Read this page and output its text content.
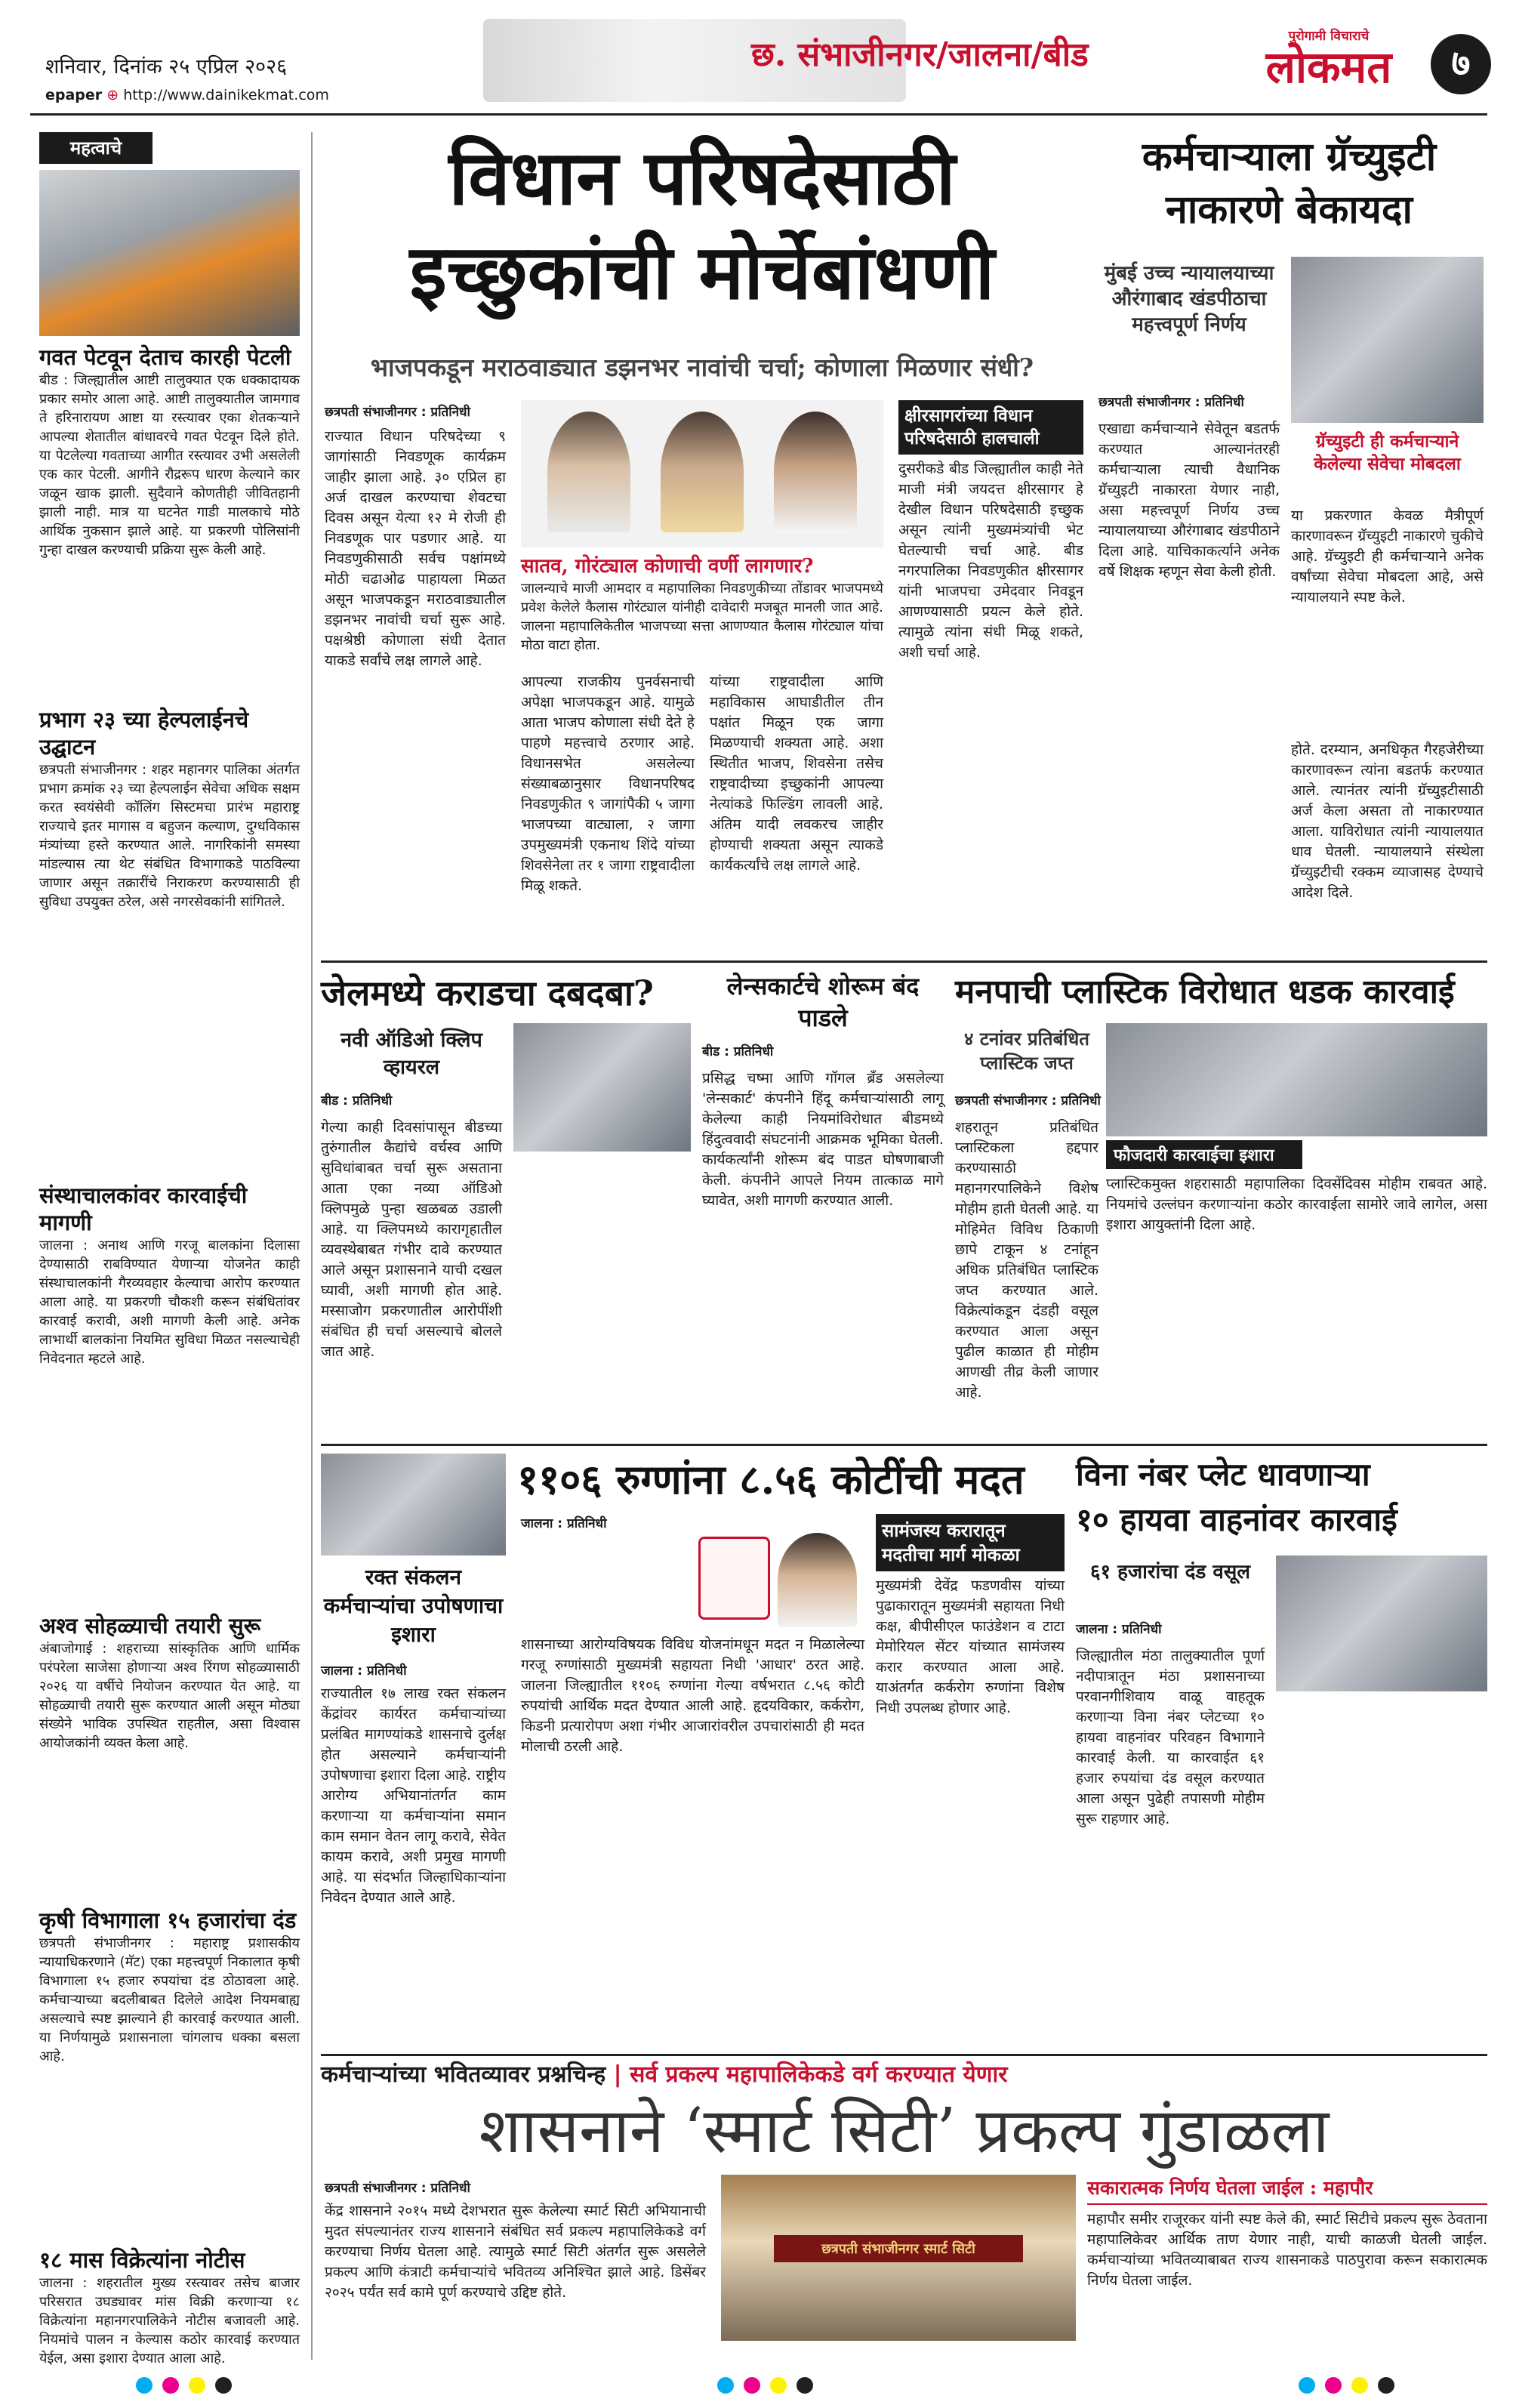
शनिवार, दिनांक २५ एप्रिल २०२६
epaper ⊕ http://www.dainikekmat.com
छ. संभाजीनगर/जालना/बीड	पुरोगामी विचाराचे
लोकमत	७
महत्वाचे
गवत पेटवून देताच कारही पेटली
बीड : जिल्ह्यातील आष्टी तालुक्यात एक धक्कादायक प्रकार समोर आला आहे. आष्टी तालुक्यातील जामगाव ते हरिनारायण आष्टा या रस्त्यावर एका शेतकऱ्याने आपल्या शेतातील बांधावरचे गवत पेटवून दिले होते. या पेटलेल्या गवताच्या आगीत रस्त्यावर उभी असलेली एक कार पेटली. आगीने रौद्ररूप धारण केल्याने कार जळून खाक झाली. सुदैवाने कोणतीही जीवितहानी झाली नाही. मात्र या घटनेत गाडी मालकाचे मोठे आर्थिक नुकसान झाले आहे. या प्रकरणी पोलिसांनी गुन्हा दाखल करण्याची प्रक्रिया सुरू केली आहे.
प्रभाग २३ च्या हेल्पलाईनचे उद्घाटन
छत्रपती संभाजीनगर : शहर महानगर पालिका अंतर्गत प्रभाग क्रमांक २३ च्या हेल्पलाईन सेवेचा अधिक सक्षम करत स्वयंसेवी कॉलिंग सिस्टमचा प्रारंभ महाराष्ट्र राज्याचे इतर मागास व बहुजन कल्याण, दुग्धविकास मंत्र्यांच्या हस्ते करण्यात आले. नागरिकांनी समस्या मांडल्यास त्या थेट संबंधित विभागाकडे पाठविल्या जाणार असून तक्रारींचे निराकरण करण्यासाठी ही सुविधा उपयुक्त ठरेल, असे नगरसेवकांनी सांगितले.
संस्थाचालकांवर कारवाईची मागणी
जालना : अनाथ आणि गरजू बालकांना दिलासा देण्यासाठी राबविण्यात येणाऱ्या योजनेत काही संस्थाचालकांनी गैरव्यवहार केल्याचा आरोप करण्यात आला आहे. या प्रकरणी चौकशी करून संबंधितांवर कारवाई करावी, अशी मागणी केली आहे. अनेक लाभार्थी बालकांना नियमित सुविधा मिळत नसल्याचेही निवेदनात म्हटले आहे.
अश्व सोहळ्याची तयारी सुरू
अंबाजोगाई : शहराच्या सांस्कृतिक आणि धार्मिक परंपरेला साजेसा होणाऱ्या अश्व रिंगण सोहळ्यासाठी २०२६ या वर्षीचे नियोजन करण्यात येत आहे. या सोहळ्याची तयारी सुरू करण्यात आली असून मोठ्या संख्येने भाविक उपस्थित राहतील, असा विश्वास आयोजकांनी व्यक्त केला आहे.
कृषी विभागाला १५ हजारांचा दंड
छत्रपती संभाजीनगर : महाराष्ट्र प्रशासकीय न्यायाधिकरणाने (मॅट) एका महत्त्वपूर्ण निकालात कृषी विभागाला १५ हजार रुपयांचा दंड ठोठावला आहे. कर्मचाऱ्याच्या बदलीबाबत दिलेले आदेश नियमबाह्य असल्याचे स्पष्ट झाल्याने ही कारवाई करण्यात आली. या निर्णयामुळे प्रशासनाला चांगलाच धक्का बसला आहे.
१८ मास विक्रेत्यांना नोटीस
जालना : शहरातील मुख्य रस्त्यावर तसेच बाजार परिसरात उघड्यावर मांस विक्री करणाऱ्या १८ विक्रेत्यांना महानगरपालिकेने नोटीस बजावली आहे. नियमांचे पालन न केल्यास कठोर कारवाई करण्यात येईल, असा इशारा देण्यात आला आहे.
विधान परिषदेसाठी
इच्छुकांची मोर्चेबांधणी
भाजपकडून मराठवाड्यात डझनभर नावांची चर्चा; कोणाला मिळणार संधी?
छत्रपती संभाजीनगर : प्रतिनिधी
राज्यात विधान परिषदेच्या ९ जागांसाठी निवडणूक कार्यक्रम जाहीर झाला आहे. ३० एप्रिल हा अर्ज दाखल करण्याचा शेवटचा दिवस असून येत्या १२ मे रोजी ही निवडणूक पार पडणार आहे. या निवडणुकीसाठी सर्वच पक्षांमध्ये मोठी चढाओढ पाहायला मिळत असून भाजपकडून मराठवाड्यातील डझनभर नावांची चर्चा सुरू आहे. पक्षश्रेष्ठी कोणाला संधी देतात याकडे सर्वांचे लक्ष लागले आहे.
सातव, गोरंट्याल कोणाची वर्णी लागणार?
जालन्याचे माजी आमदार व महापालिका निवडणुकीच्या तोंडावर भाजपमध्ये प्रवेश केलेले कैलास गोरंट्याल यांनीही दावेदारी मजबूत मानली जात आहे. जालना महापालिकेतील भाजपच्या सत्ता आणण्यात कैलास गोरंट्याल यांचा मोठा वाटा होता.
आपल्या राजकीय पुनर्वसनाची अपेक्षा भाजपकडून आहे. यामुळे आता भाजप कोणाला संधी देते हे पाहणे महत्त्वाचे ठरणार आहे. विधानसभेत असलेल्या संख्याबळानुसार विधानपरिषद निवडणुकीत ९ जागांपैकी ५ जागा भाजपच्या वाट्याला, २ जागा उपमुख्यमंत्री एकनाथ शिंदे यांच्या शिवसेनेला तर १ जागा राष्ट्रवादीला मिळू शकते.
यांच्या राष्ट्रवादीला आणि महाविकास आघाडीतील तीन पक्षांत मिळून एक जागा मिळण्याची शक्यता आहे. अशा स्थितीत भाजप, शिवसेना तसेच राष्ट्रवादीच्या इच्छुकांनी आपल्या नेत्यांकडे फिल्डिंग लावली आहे. अंतिम यादी लवकरच जाहीर होण्याची शक्यता असून त्याकडे कार्यकर्त्यांचे लक्ष लागले आहे.
क्षीरसागरांच्या विधान परिषदेसाठी हालचाली
दुसरीकडे बीड जिल्ह्यातील काही नेते माजी मंत्री जयदत्त क्षीरसागर हे देखील विधान परिषदेसाठी इच्छुक असून त्यांनी मुख्यमंत्र्यांची भेट घेतल्याची चर्चा आहे. बीड नगरपालिका निवडणुकीत क्षीरसागर यांनी भाजपचा उमेदवार निवडून आणण्यासाठी प्रयत्न केले होते. त्यामुळे त्यांना संधी मिळू शकते, अशी चर्चा आहे.
कर्मचाऱ्याला ग्रॅच्युइटी
नाकारणे बेकायदा
मुंबई उच्च न्यायालयाच्या औरंगाबाद खंडपीठाचा महत्त्वपूर्ण निर्णय
ग्रॅच्युइटी ही कर्मचाऱ्याने केलेल्या सेवेचा मोबदला
छत्रपती संभाजीनगर : प्रतिनिधी
एखाद्या कर्मचाऱ्याने सेवेतून बडतर्फ करण्यात आल्यानंतरही कर्मचाऱ्याला त्याची वैधानिक ग्रॅच्युइटी नाकारता येणार नाही, असा महत्त्वपूर्ण निर्णय उच्च न्यायालयाच्या औरंगाबाद खंडपीठाने दिला आहे. याचिकाकर्त्याने अनेक वर्षे शिक्षक म्हणून सेवा केली होती.
या प्रकरणात केवळ मैत्रीपूर्ण कारणावरून ग्रॅच्युइटी नाकारणे चुकीचे आहे. ग्रॅच्युइटी ही कर्मचाऱ्याने अनेक वर्षांच्या सेवेचा मोबदला आहे, असे न्यायालयाने स्पष्ट केले.
होते. दरम्यान, अनधिकृत गैरहजेरीच्या कारणावरून त्यांना बडतर्फ करण्यात आले. त्यानंतर त्यांनी ग्रॅच्युइटीसाठी अर्ज केला असता तो नाकारण्यात आला. याविरोधात त्यांनी न्यायालयात धाव घेतली. न्यायालयाने संस्थेला ग्रॅच्युइटीची रक्कम व्याजासह देण्याचे आदेश दिले.
जेलमध्ये कराडचा दबदबा?
नवी ऑडिओ क्लिप व्हायरल
बीड : प्रतिनिधी
गेल्या काही दिवसांपासून बीडच्या तुरुंगातील कैद्यांचे वर्चस्व आणि सुविधांबाबत चर्चा सुरू असताना आता एका नव्या ऑडिओ क्लिपमुळे पुन्हा खळबळ उडाली आहे. या क्लिपमध्ये कारागृहातील व्यवस्थेबाबत गंभीर दावे करण्यात आले असून प्रशासनाने याची दखल घ्यावी, अशी मागणी होत आहे. मस्साजोग प्रकरणातील आरोपींशी संबंधित ही चर्चा असल्याचे बोलले जात आहे.
लेन्सकार्टचे शोरूम बंद पाडले
बीड : प्रतिनिधी
प्रसिद्ध चष्मा आणि गॉगल ब्रँड असलेल्या 'लेन्सकार्ट' कंपनीने हिंदू कर्मचाऱ्यांसाठी लागू केलेल्या काही नियमांविरोधात बीडमध्ये हिंदुत्ववादी संघटनांनी आक्रमक भूमिका घेतली. कार्यकर्त्यांनी शोरूम बंद पाडत घोषणाबाजी केली. कंपनीने आपले नियम तात्काळ मागे घ्यावेत, अशी मागणी करण्यात आली.
मनपाची प्लास्टिक विरोधात धडक कारवाई
४ टनांवर प्रतिबंधित प्लास्टिक जप्त
फौजदारी कारवाईचा इशारा
छत्रपती संभाजीनगर : प्रतिनिधी
शहरातून प्रतिबंधित प्लास्टिकला हद्दपार करण्यासाठी महानगरपालिकेने विशेष मोहीम हाती घेतली आहे. या मोहिमेत विविध ठिकाणी छापे टाकून ४ टनांहून अधिक प्रतिबंधित प्लास्टिक जप्त करण्यात आले. विक्रेत्यांकडून दंडही वसूल करण्यात आला असून पुढील काळात ही मोहीम आणखी तीव्र केली जाणार आहे.
प्लास्टिकमुक्त शहरासाठी महापालिका दिवसेंदिवस मोहीम राबवत आहे. नियमांचे उल्लंघन करणाऱ्यांना कठोर कारवाईला सामोरे जावे लागेल, असा इशारा आयुक्तांनी दिला आहे.
रक्त संकलन कर्मचाऱ्यांचा उपोषणाचा इशारा
जालना : प्रतिनिधी
राज्यातील १७ लाख रक्त संकलन केंद्रांवर कार्यरत कर्मचाऱ्यांच्या प्रलंबित मागण्यांकडे शासनाचे दुर्लक्ष होत असल्याने कर्मचाऱ्यांनी उपोषणाचा इशारा दिला आहे. राष्ट्रीय आरोग्य अभियानांतर्गत काम करणाऱ्या या कर्मचाऱ्यांना समान काम समान वेतन लागू करावे, सेवेत कायम करावे, अशी प्रमुख मागणी आहे. या संदर्भात जिल्हाधिकाऱ्यांना निवेदन देण्यात आले आहे.
११०६ रुग्णांना ८.५६ कोटींची मदत
जालना : प्रतिनिधी
शासनाच्या आरोग्यविषयक विविध योजनांमधून मदत न मिळालेल्या गरजू रुग्णांसाठी मुख्यमंत्री सहायता निधी 'आधार' ठरत आहे. जालना जिल्ह्यातील ११०६ रुग्णांना गेल्या वर्षभरात ८.५६ कोटी रुपयांची आर्थिक मदत देण्यात आली आहे. हृदयविकार, कर्करोग, किडनी प्रत्यारोपण अशा गंभीर आजारांवरील उपचारांसाठी ही मदत मोलाची ठरली आहे.
सामंजस्य करारातून मदतीचा मार्ग मोकळा
मुख्यमंत्री देवेंद्र फडणवीस यांच्या पुढाकारातून मुख्यमंत्री सहायता निधी कक्ष, बीपीसीएल फाउंडेशन व टाटा मेमोरियल सेंटर यांच्यात सामंजस्य करार करण्यात आला आहे. याअंतर्गत कर्करोग रुग्णांना विशेष निधी उपलब्ध होणार आहे.
विना नंबर प्लेट धावणाऱ्या
१० हायवा वाहनांवर कारवाई
६१ हजारांचा दंड वसूल
जालना : प्रतिनिधी
जिल्ह्यातील मंठा तालुक्यातील पूर्णा नदीपात्रातून मंठा प्रशासनाच्या परवानगीशिवाय वाळू वाहतूक करणाऱ्या विना नंबर प्लेटच्या १० हायवा वाहनांवर परिवहन विभागाने कारवाई केली. या कारवाईत ६१ हजार रुपयांचा दंड वसूल करण्यात आला असून पुढेही तपासणी मोहीम सुरू राहणार आहे.
कर्मचाऱ्यांच्या भवितव्यावर प्रश्नचिन्ह | सर्व प्रकल्प महापालिकेकडे वर्ग करण्यात येणार
शासनाने ‘स्मार्ट सिटी’ प्रकल्प गुंडाळला
छत्रपती संभाजीनगर : प्रतिनिधी
छत्रपती संभाजीनगर स्मार्ट सिटी
केंद्र शासनाने २०१५ मध्ये देशभरात सुरू केलेल्या स्मार्ट सिटी अभियानाची मुदत संपल्यानंतर राज्य शासनाने संबंधित सर्व प्रकल्प महापालिकेकडे वर्ग करण्याचा निर्णय घेतला आहे. त्यामुळे स्मार्ट सिटी अंतर्गत सुरू असलेले प्रकल्प आणि कंत्राटी कर्मचाऱ्यांचे भवितव्य अनिश्चित झाले आहे. डिसेंबर २०२५ पर्यंत सर्व कामे पूर्ण करण्याचे उद्दिष्ट होते.
सकारात्मक निर्णय घेतला जाईल : महापौर
महापौर समीर राजूरकर यांनी स्पष्ट केले की, स्मार्ट सिटीचे प्रकल्प सुरू ठेवताना महापालिकेवर आर्थिक ताण येणार नाही, याची काळजी घेतली जाईल. कर्मचाऱ्यांच्या भवितव्याबाबत राज्य शासनाकडे पाठपुरावा करून सकारात्मक निर्णय घेतला जाईल.
